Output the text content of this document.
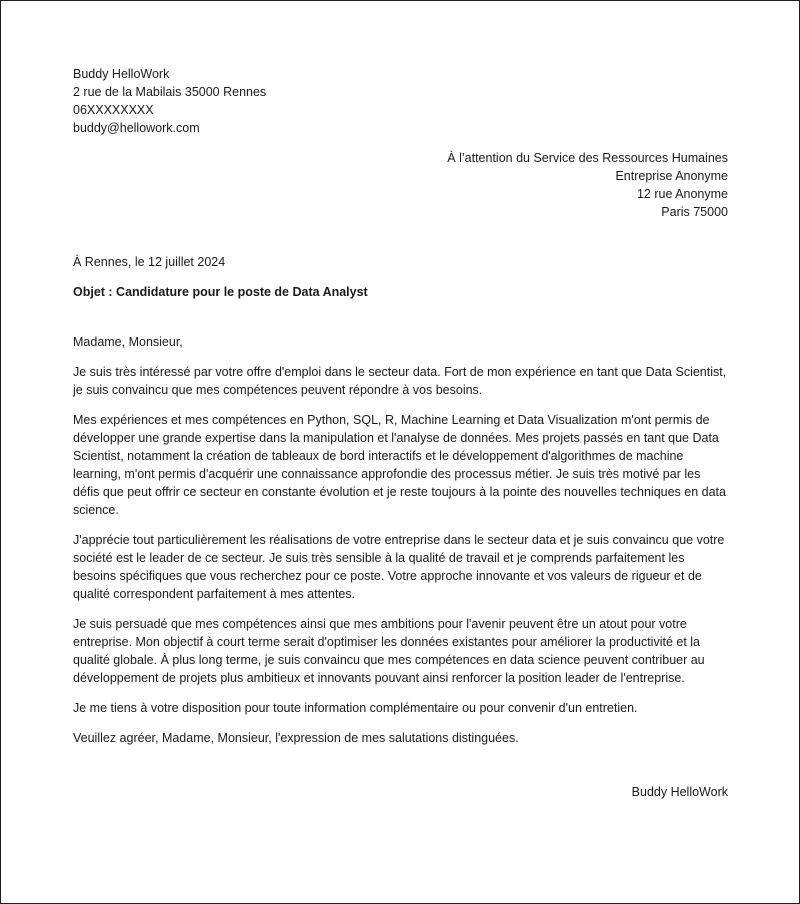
Buddy HelloWork
2 rue de la Mabilais 35000 Rennes
06XXXXXXXX
buddy@hellowork.com
À l’attention du Service des Ressources Humaines
Entreprise Anonyme
12 rue Anonyme
Paris 75000
À Rennes, le 12 juillet 2024
Objet : Candidature pour le poste de Data Analyst
Madame, Monsieur,

Je suis très intéressé par votre offre d'emploi dans le secteur data. Fort de mon expérience en tant que Data Scientist, je suis convaincu que mes compétences peuvent répondre à vos besoins.

Mes expériences et mes compétences en Python, SQL, R, Machine Learning et Data Visualization m'ont permis de développer une grande expertise dans la manipulation et l'analyse de données. Mes projets passés en tant que Data Scientist, notamment la création de tableaux de bord interactifs et le développement d'algorithmes de machine learning, m'ont permis d'acquérir une connaissance approfondie des processus métier. Je suis très motivé par les défis que peut offrir ce secteur en constante évolution et je reste toujours à la pointe des nouvelles techniques en data science.

J'apprécie tout particulièrement les réalisations de votre entreprise dans le secteur data et je suis convaincu que votre société est le leader de ce secteur. Je suis très sensible à la qualité de travail et je comprends parfaitement les besoins spécifiques que vous recherchez pour ce poste. Votre approche innovante et vos valeurs de rigueur et de qualité correspondent parfaitement à mes attentes.

Je suis persuadé que mes compétences ainsi que mes ambitions pour l'avenir peuvent être un atout pour votre entreprise. Mon objectif à court terme serait d'optimiser les données existantes pour améliorer la productivité et la qualité globale. À plus long terme, je suis convaincu que mes compétences en data science peuvent contribuer au développement de projets plus ambitieux et innovants pouvant ainsi renforcer la position leader de l'entreprise.

Je me tiens à votre disposition pour toute information complémentaire ou pour convenir d'un entretien.

Veuillez agréer, Madame, Monsieur, l'expression de mes salutations distinguées.

Buddy HelloWork
